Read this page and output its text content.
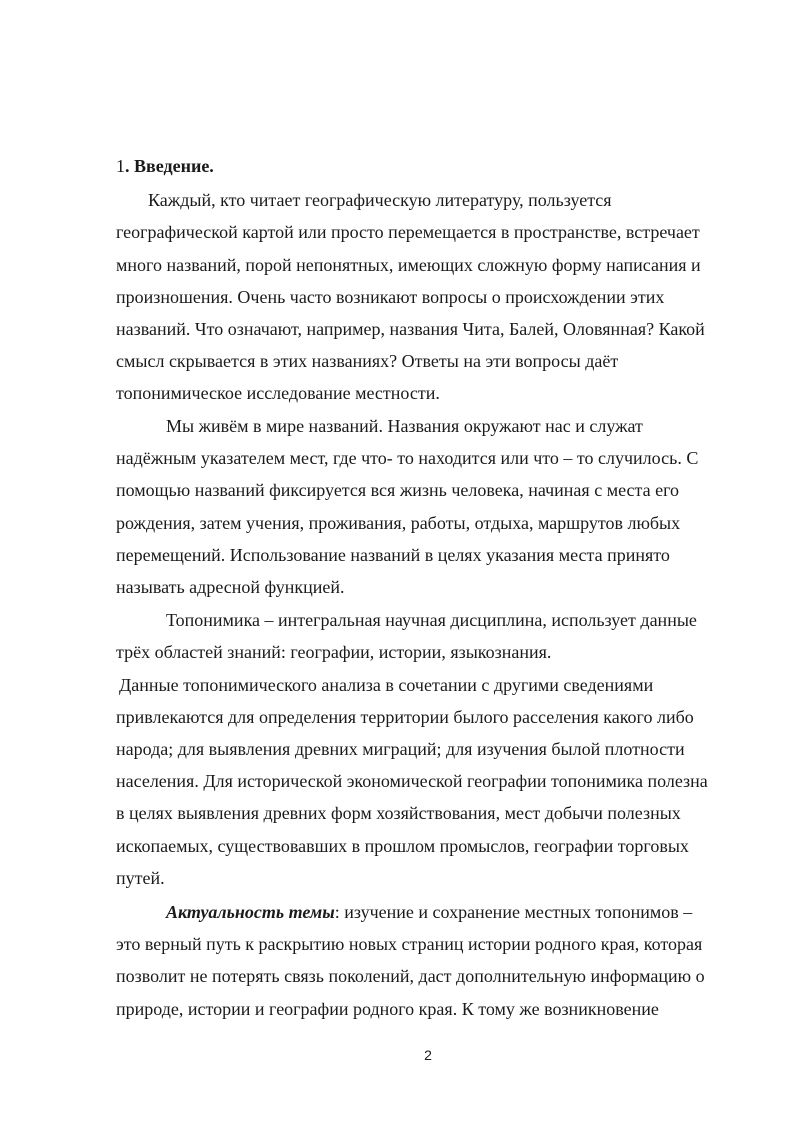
1. Введение.
Каждый, кто читает географическую литературу, пользуется
географической картой или просто перемещается в пространстве, встречает
много названий, порой непонятных, имеющих сложную форму написания и
произношения. Очень часто возникают вопросы о происхождении этих
названий. Что означают, например, названия Чита, Балей, Оловянная? Какой
смысл скрывается в этих названиях? Ответы на эти вопросы даёт
топонимическое исследование местности.
Мы живём в мире названий. Названия окружают нас и служат
надёжным указателем мест, где что- то находится или что – то случилось. С
помощью названий фиксируется вся жизнь человека, начиная с места его
рождения, затем учения, проживания, работы, отдыха, маршрутов любых
перемещений. Использование названий в целях указания места принято
называть адресной функцией.
Топонимика – интегральная научная дисциплина, использует данные
трёх областей знаний: географии, истории, языкознания.
Данные топонимического анализа в сочетании с другими сведениями
привлекаются для определения территории былого расселения какого либо
народа; для выявления древних миграций; для изучения былой плотности
населения. Для исторической экономической географии топонимика полезна
в целях выявления древних форм хозяйствования, мест добычи полезных
ископаемых, существовавших в прошлом промыслов, географии торговых
путей.
Актуальность темы: изучение и сохранение местных топонимов –
это верный путь к раскрытию новых страниц истории родного края, которая
позволит не потерять связь поколений, даст дополнительную информацию о
природе, истории и географии родного края. К тому же возникновение
2
